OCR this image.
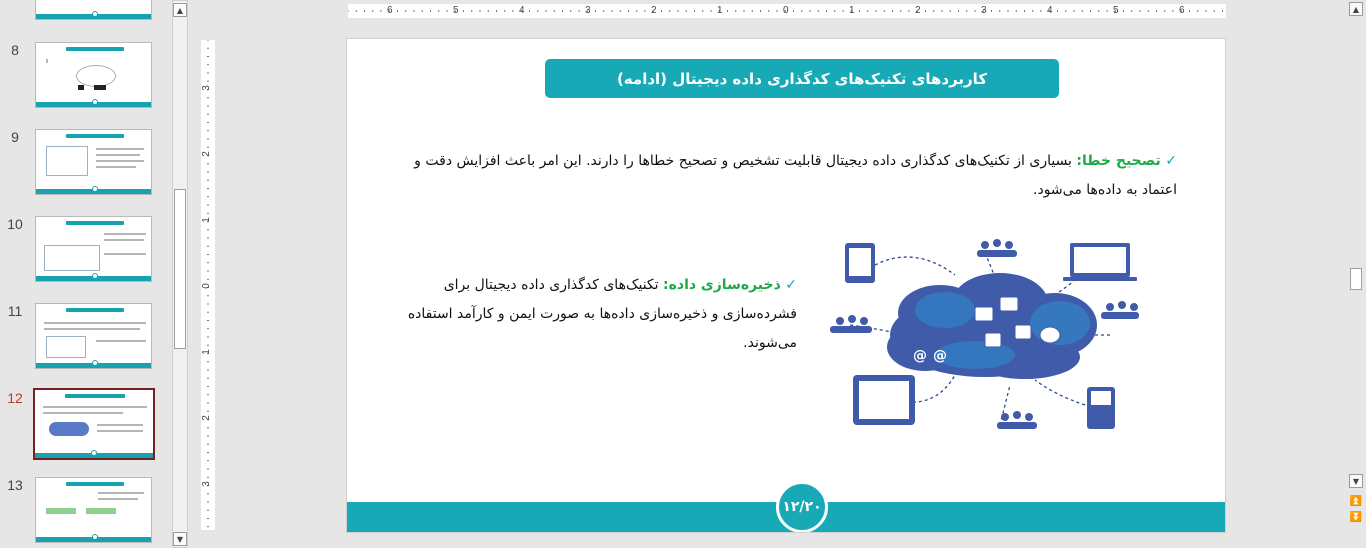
8
9
10
11
12
13
▲
▼
6	5	4	3	2	1	0	1	2	3	4	5	6
3
2
1
0
1
2
3
کاربردهای تکنیک‌های کدگذاری داده دیجیتال (ادامه)
✓ تصحیح خطا: بسیاری از تکنیک‌های کدگذاری داده دیجیتال قابلیت تشخیص و تصحیح خطاها را دارند. این امر باعث افزایش دقت و اعتماد به داده‌ها می‌شود.
✓ ذخیره‌سازی داده: تکنیک‌های کدگذاری داده دیجیتال برای فشرده‌سازی و ذخیره‌سازی داده‌ها به صورت ایمن و کارآمد استفاده می‌شوند.
@ @
۱۲/۲۰
▲
▼
⏫
⏬
